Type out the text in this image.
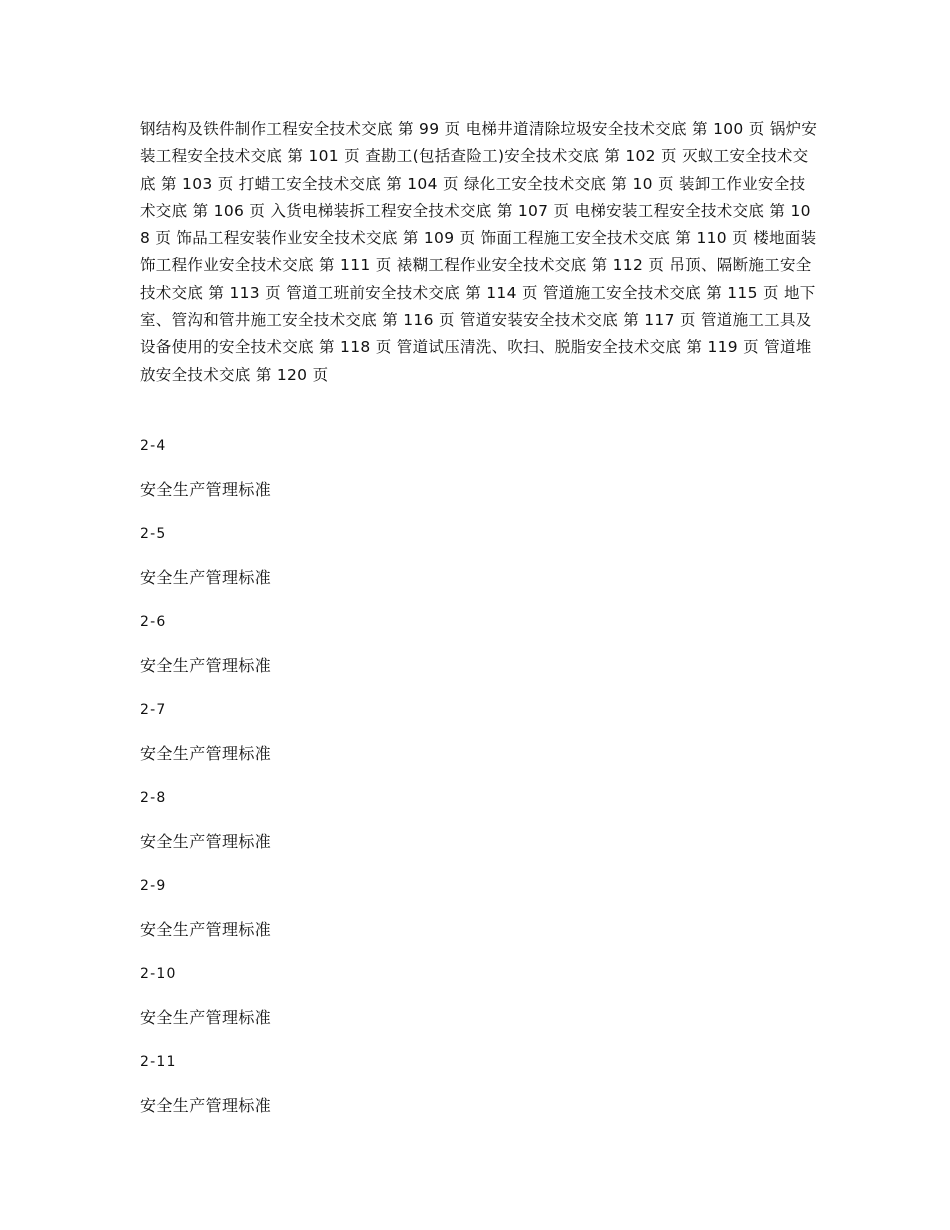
钢结构及铁件制作工程安全技术交底 第 99 页 电梯井道清除垃圾安全技术交底 第 100 页 锅炉安装工程安全技术交底 第 101 页 查勘工(包括查险工)安全技术交底 第 102 页 灭蚁工安全技术交底 第 103 页 打蜡工安全技术交底 第 104 页 绿化工安全技术交底 第 10 页 装卸工作业安全技术交底 第 106 页 入货电梯装拆工程安全技术交底 第 107 页 电梯安装工程安全技术交底 第 108 页 饰品工程安装作业安全技术交底 第 109 页 饰面工程施工安全技术交底 第 110 页 楼地面装饰工程作业安全技术交底 第 111 页 裱糊工程作业安全技术交底 第 112 页 吊顶、隔断施工安全技术交底 第 113 页 管道工班前安全技术交底 第 114 页 管道施工安全技术交底 第 115 页 地下室、管沟和管井施工安全技术交底 第 116 页 管道安装安全技术交底 第 117 页 管道施工工具及设备使用的安全技术交底 第 118 页 管道试压清洗、吹扫、脱脂安全技术交底 第 119 页 管道堆放安全技术交底 第 120 页

2-4
安全生产管理标准
2-5
安全生产管理标准
2-6
安全生产管理标准
2-7
安全生产管理标准
2-8
安全生产管理标准
2-9
安全生产管理标准
2-10
安全生产管理标准
2-11
安全生产管理标准
